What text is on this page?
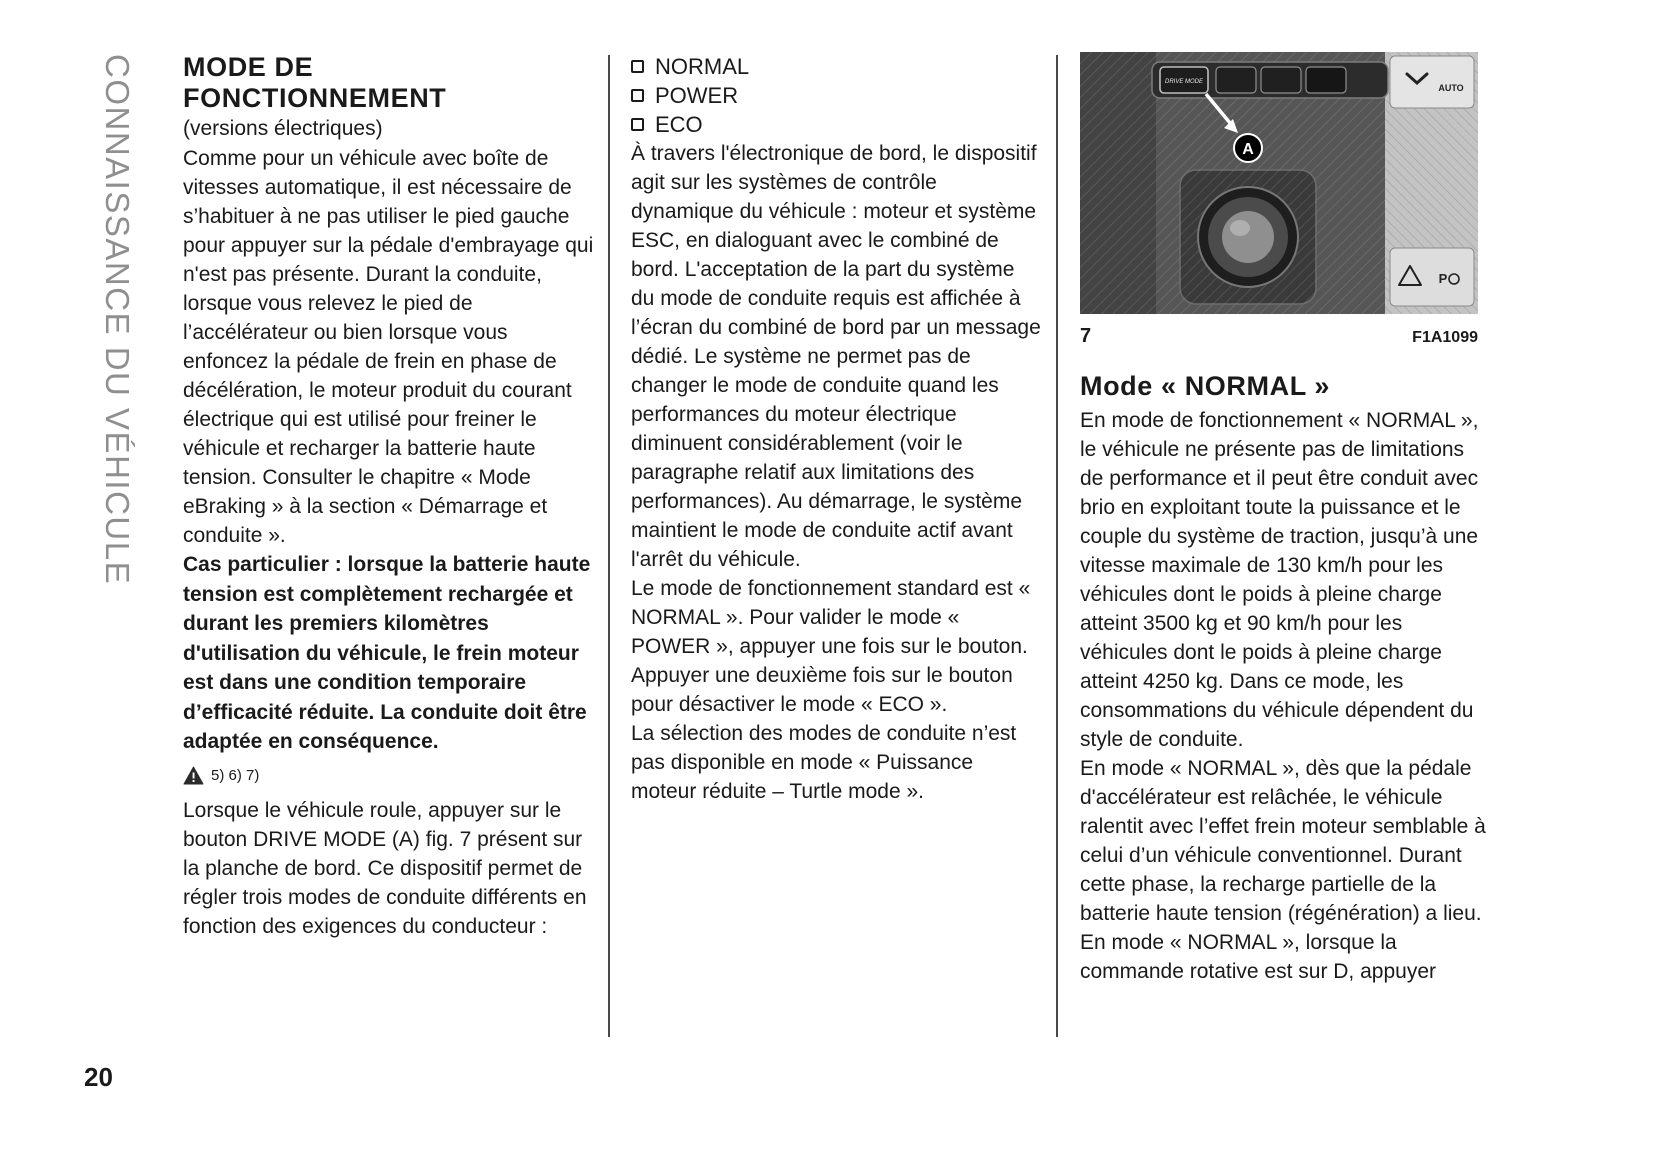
CONNAISSANCE DU VÉHICULE MODE DE
FONCTIONNEMENT
(versions électriques)

Comme pour un véhicule avec boîte de vitesses automatique, il est nécessaire de s’habituer à ne pas utiliser le pied gauche pour appuyer sur la pédale d'embrayage qui n'est pas présente. Durant la conduite, lorsque vous relevez le pied de l’accélérateur ou bien lorsque vous enfoncez la pédale de frein en phase de décélération, le moteur produit du courant électrique qui est utilisé pour freiner le véhicule et recharger la batterie haute tension. Consulter le chapitre « Mode eBraking » à la section « Démarrage et conduite ».

Cas particulier : lorsque la batterie haute tension est complètement rechargée et durant les premiers kilomètres d'utilisation du véhicule, le frein moteur est dans une condition temporaire d’efficacité réduite. La conduite doit être adaptée en conséquence.

5) 6) 7)

Lorsque le véhicule roule, appuyer sur le bouton DRIVE MODE (A) fig. 7 présent sur la planche de bord. Ce dispositif permet de régler trois modes de conduite différents en fonction des exigences du conducteur :

NORMAL
POWER
ECO

À travers l'électronique de bord, le dispositif agit sur les systèmes de contrôle dynamique du véhicule : moteur et système ESC, en dialoguant avec le combiné de bord. L'acceptation de la part du système du mode de conduite requis est affichée à l’écran du combiné de bord par un message dédié. Le système ne permet pas de changer le mode de conduite quand les performances du moteur électrique diminuent considérablement (voir le paragraphe relatif aux limitations des performances). Au démarrage, le système maintient le mode de conduite actif avant l'arrêt du véhicule.

Le mode de fonctionnement standard est « NORMAL ». Pour valider le mode « POWER », appuyer une fois sur le bouton. Appuyer une deuxième fois sur le bouton pour désactiver le mode « ECO ».

La sélection des modes de conduite n’est pas disponible en mode « Puissance moteur réduite – Turtle mode ».

AUTO
P
DRIVE MODE
A
7	F1A1099
Mode « NORMAL »

En mode de fonctionnement « NORMAL », le véhicule ne présente pas de limitations de performance et il peut être conduit avec brio en exploitant toute la puissance et le couple du système de traction, jusqu’à une vitesse maximale de 130 km/h pour les véhicules dont le poids à pleine charge atteint 3500 kg et 90 km/h pour les véhicules dont le poids à pleine charge atteint 4250 kg. Dans ce mode, les consommations du véhicule dépendent du style de conduite.

En mode « NORMAL », dès que la pédale d'accélérateur est relâchée, le véhicule ralentit avec l’effet frein moteur semblable à celui d’un véhicule conventionnel. Durant cette phase, la recharge partielle de la batterie haute tension (régénération) a lieu.

En mode « NORMAL », lorsque la commande rotative est sur D, appuyer

20
